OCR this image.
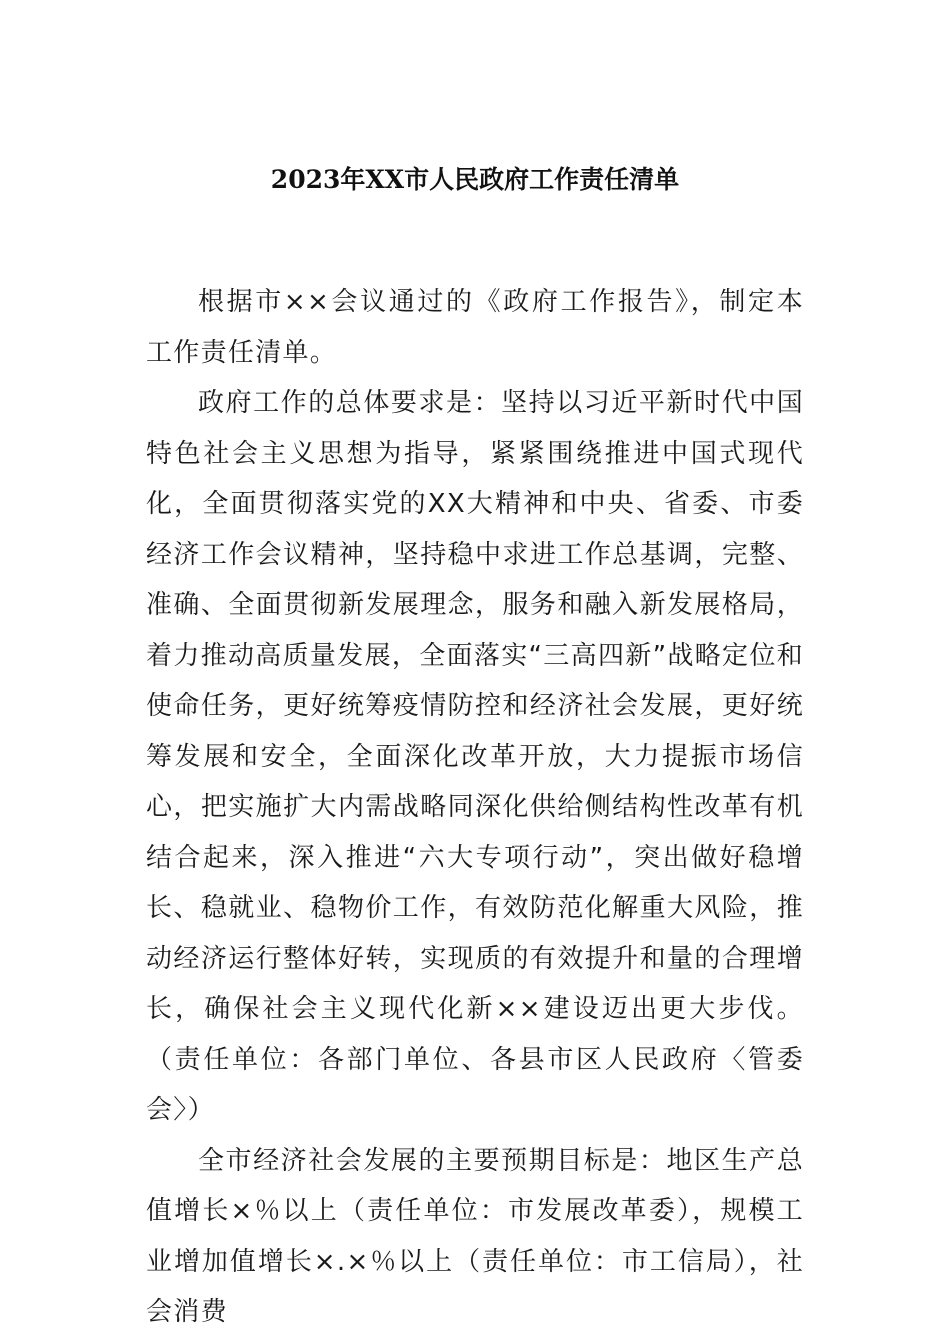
2023年XX市人民政府工作责任清单

根据市××会议通过的《政府工作报告》，制定本工作责任清单。

政府工作的总体要求是：坚持以习近平新时代中国特色社会主义思想为指导，紧紧围绕推进中国式现代化，全面贯彻落实党的XX大精神和中央、省委、市委经济工作会议精神，坚持稳中求进工作总基调，完整、准确、全面贯彻新发展理念，服务和融入新发展格局，着力推动高质量发展，全面落实“三高四新”战略定位和使命任务，更好统筹疫情防控和经济社会发展，更好统筹发展和安全，全面深化改革开放，大力提振市场信心，把实施扩大内需战略同深化供给侧结构性改革有机结合起来，深入推进“六大专项行动”，突出做好稳增长、稳就业、稳物价工作，有效防范化解重大风险，推动经济运行整体好转，实现质的有效提升和量的合理增长，确保社会主义现代化新××建设迈出更大步伐。（责任单位：各部门单位、各县市区人民政府〈管委会〉）

全市经济社会发展的主要预期目标是：地区生产总值增长×％以上（责任单位：市发展改革委），规模工业增加值增长×.×％以上（责任单位：市工信局），社会消费
